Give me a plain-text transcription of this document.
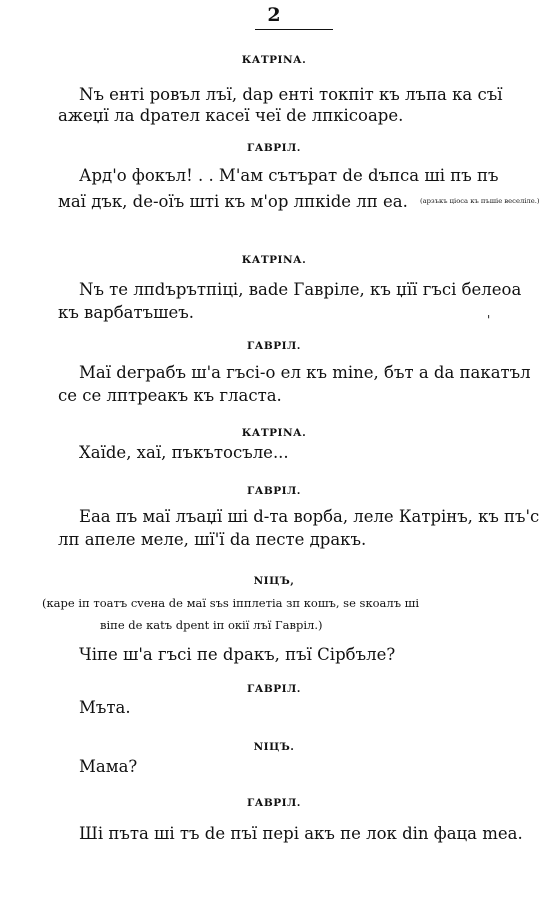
2
КАТРІNА.
Nъ енті ровъл лъї, dар енті токпіт къ лъпа ка съї
ажеџї ла dрател касеї чеї de лпкісоаре.
ГАВРІЛ.
Ард'о фокъл! . . М'ам сътърат de dъпса ші пъ пъ
маї дък, de-оїъ шті къ м'ор лпкide лп еа. (арзъкъ ціоса къ пъшіе веселіле.)
КАТРІNА.
Nъ те лпdърътпіці, вade Гавріле, къ џїї гъсі белеоа
къ варбатъшеъ.	'
ГАВРІЛ.
Маї dеграбъ ш'а гъсі-о ел къ mine, бът а da пакатъл
се се лптреакъ къ гласта.
КАТРІNА.
Хаїde, хаї, пъкътосъле...
ГАВРІЛ.
Еаа пъ маї лъаџї ші d-та ворба, леле Катрінъ, къ пъ'с
лп апеле меле, шї'ї da песте дракъ.
NIЦЪ,
(каре іп тоатъ сvена de маї sъs іпплетіа зп кошъ, se sкоалъ ші
віпе de кatъ dреnt іп окії лъї Гавріл.)
Чіпе ш'а гъсі пе dракъ, пъї Сірбъле?
ГАВРІЛ.
Мъта.
NIЦЪ.
Мама?
ГАВРІЛ.
Ші пъта ші тъ de пъї пері акъ пе лок din фаца mea.
